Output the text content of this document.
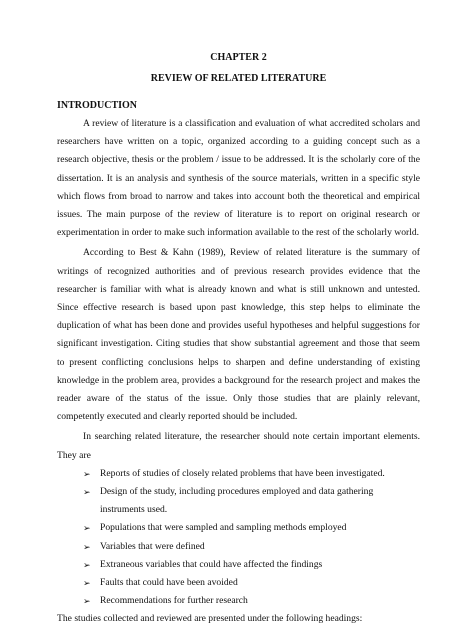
CHAPTER 2
REVIEW OF RELATED LITERATURE
INTRODUCTION

A review of literature is a classification and evaluation of what accredited scholars and researchers have written on a topic, organized according to a guiding concept such as a research objective, thesis or the problem / issue to be addressed. It is the scholarly core of the dissertation. It is an analysis and synthesis of the source materials, written in a specific style which flows from broad to narrow and takes into account both the theoretical and empirical issues. The main purpose of the review of literature is to report on original research or experimentation in order to make such information available to the rest of the scholarly world.

According to Best & Kahn (1989), Review of related literature is the summary of writings of recognized authorities and of previous research provides evidence that the researcher is familiar with what is already known and what is still unknown and untested. Since effective research is based upon past knowledge, this step helps to eliminate the duplication of what has been done and provides useful hypotheses and helpful suggestions for significant investigation. Citing studies that show substantial agreement and those that seem to present conflicting conclusions helps to sharpen and define understanding of existing knowledge in the problem area, provides a background for the research project and makes the reader aware of the status of the issue. Only those studies that are plainly relevant, competently executed and clearly reported should be included.

In searching related literature, the researcher should note certain important elements. They are

➢ Reports of studies of closely related problems that have been investigated.
➢ Design of the study, including procedures employed and data gathering instruments used.
➢ Populations that were sampled and sampling methods employed
➢ Variables that were defined
➢ Extraneous variables that could have affected the findings
➢ Faults that could have been avoided
➢ Recommendations for further research

The studies collected and reviewed are presented under the following headings:
